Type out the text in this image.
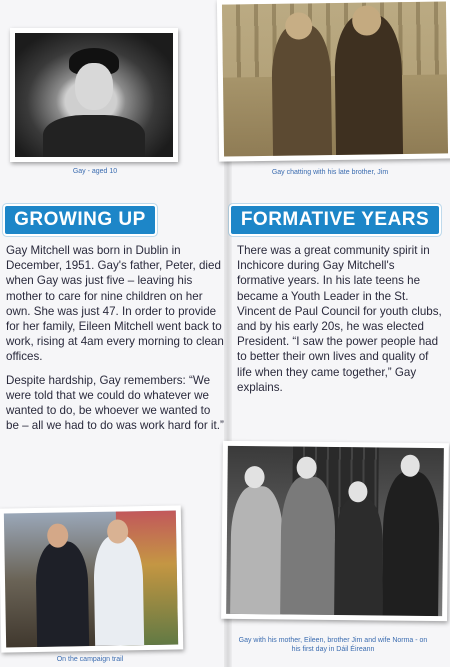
Gay - aged 10	Gay chatting with his late brother, Jim
GROWING UP	FORMATIVE YEARS

Gay Mitchell was born in Dublin in December, 1951. Gay's father, Peter, died when Gay was just five – leaving his mother to care for nine children on her own. She was just 47. In order to provide for her family, Eileen Mitchell went back to work, rising at 4am every morning to clean offices.

Despite hardship, Gay remembers: “We were told that we could do whatever we wanted to do, be whoever we wanted to be – all we had to do was work hard for it.”

There was a great community spirit in Inchicore during Gay Mitchell's formative years. In his late teens he became a Youth Leader in the St. Vincent de Paul Council for youth clubs, and by his early 20s, he was elected President. “I saw the power people had to better their own lives and quality of life when they came together,” Gay explains.

On the campaign trail
Gay with his mother, Eileen, brother Jim and wife Norma - on his first day in Dáil Éireann
